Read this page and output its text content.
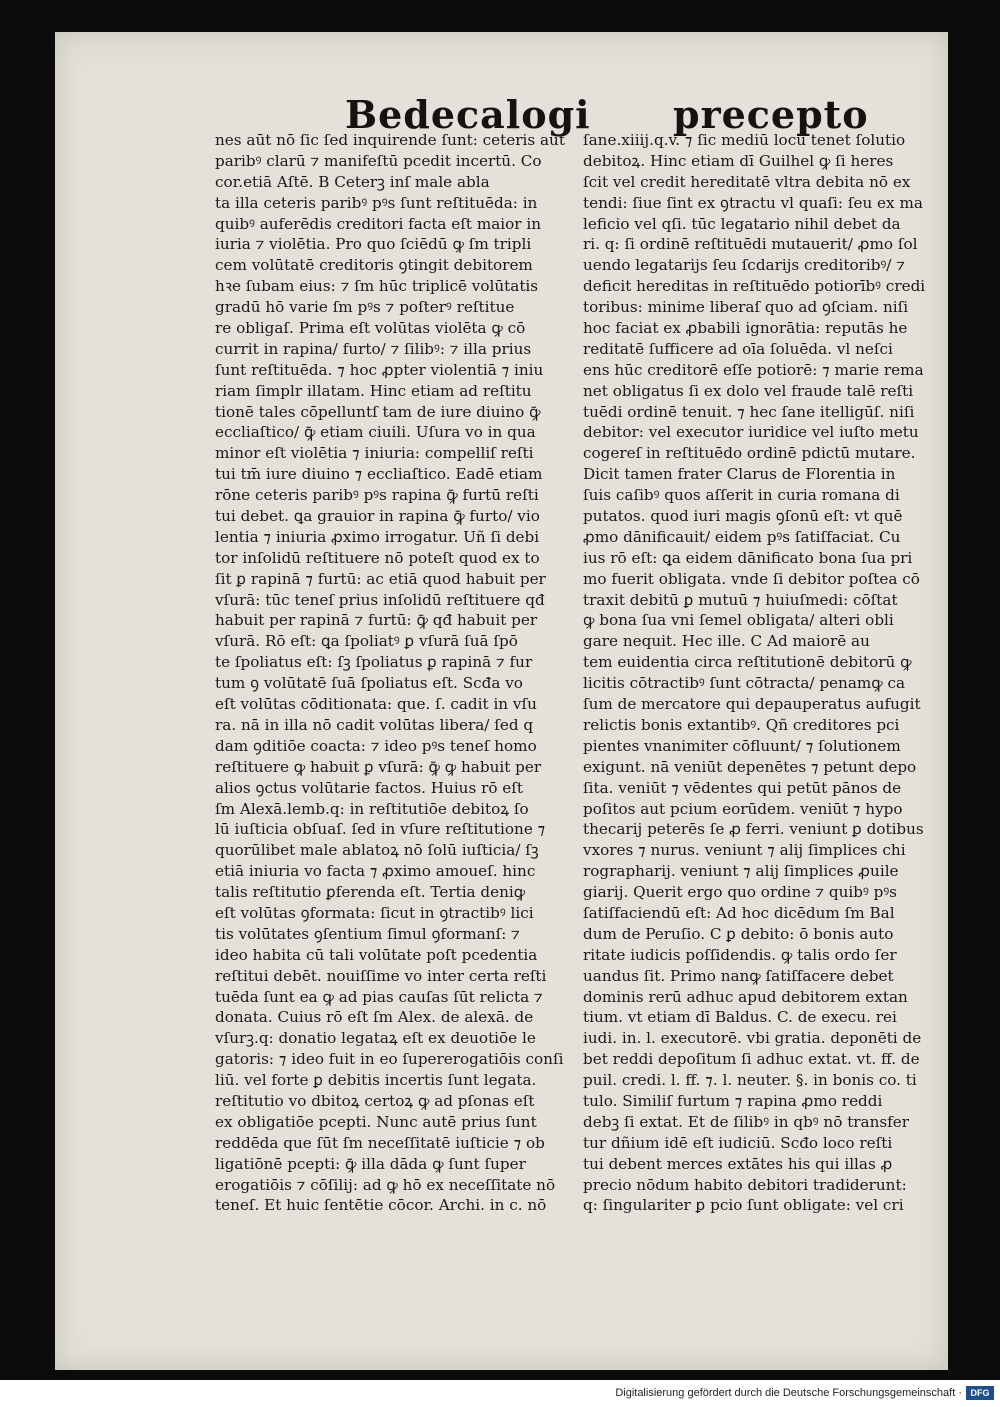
Bedecalogi precepto
nes aūt nō ſic ſed inquirende ſunt: ceteris aūt
paribꝰ clarū ⁊ manifeſtū pcedit incertū. Co
cor.etiā Aſtē. B Ceterꝫ inſ male abla
ta illa ceteris paribꝰ pꝰs ſunt reſtituēda: in
quibꝰ auferēdis creditori facta eſt maior in
iuria ⁊ violētia. Pro quo ſciēdū ꝙ ſm tripli
cem volūtatē creditoris ꝯtingit debitorem
hꝛe ſubam eius: ⁊ ſm hūc triplicē volūtatis
gradū hō varie ſm pꝰs ⁊ poſterꝰ reſtitue
re obligaſ. Prima eſt volūtas violēta ꝙ cō
currit in rapina/ furto/ ⁊ ſilibꝰ: ⁊ illa prius
ſunt reſtituēda. ⁊ hoc ꝓpter violentiā ⁊ iniu
riam ſimplr illatam. Hinc etiam ad reſtitu
tionē tales cōpelluntſ tam de iure diuino ꝙ̄
eccliaſtico/ ꝙ̄ etiam ciuili. Uſura vo in qua
minor eſt violētia ⁊ iniuria: compelliſ reſti
tui tm̄ iure diuino ⁊ eccliaſtico. Eadē etiam
rōne ceteris paribꝰ pꝰs rapina ꝙ̄ furtū reſti
tui debet. ꝗa grauior in rapina ꝙ̄ furto/ vio
lentia ⁊ iniuria ꝓximo irrogatur. Uñ ſi debi
tor inſolidū reſtituere nō poteſt quod ex to
ſit ꝑ rapinā ⁊ furtū: ac etiā quod habuit per
vſurā: tūc teneſ prius inſolidū reſtituere qđ
habuit per rapinā ⁊ furtū: ꝙ̄ qđ habuit per
vſurā. Rō eſt: ꝗa ſpoliatꝰ ꝑ vſurā ſuā ſpō
te ſpoliatus eſt: ſꝫ ſpoliatus ꝑ rapinā ⁊ fur
tum ꝯ volūtatē ſuā ſpoliatus eſt. Scđa vo
eſt volūtas cōditionata: que. ſ. cadit in vſu
ra. nā in illa nō cadit volūtas libera/ ſed q
dam ꝯditiōe coacta: ⁊ ideo pꝰs teneſ homo
reſtituere ꝙ habuit ꝑ vſurā: ꝙ̄ ꝙ habuit per
alios ꝯctus volūtarie factos. Huius rō eſt
ſm Alexā.lemb.q: in reſtitutiōe debitoꝝ ſo
lū iuſticia obſuaſ. ſed in vſure reſtitutione ⁊
quorūlibet male ablatoꝝ nō ſolū iuſticia/ ſꝫ
etiā iniuria vo facta ⁊ ꝓximo amoueſ. hinc
talis reſtitutio ꝑferenda eſt. Tertia deniꝙ
eſt volūtas ꝯformata: ſicut in ꝯtractibꝰ lici
tis volūtates ꝯſentium ſimul ꝯformanſ: ⁊
ideo habita cū tali volūtate poſt pcedentia
reſtitui debēt. nouiſſime vo inter certa reſti
tuēda ſunt ea ꝙ ad pias cauſas ſūt relicta ⁊
donata. Cuius rō eſt ſm Alex. de alexā. de
vſurꝫ.q: donatio legataꝝ eſt ex deuotiōe le
gatoris: ⁊ ideo fuit in eo ſupererogatiōis conſi
liū. vel forte ꝑ debitis incertis ſunt legata.
reſtitutio vo dbitoꝝ certoꝝ ꝙ ad pſonas eſt
ex obligatiōe pcepti. Nunc autē prius ſunt
reddēda que ſūt ſm neceſſitatē iuſticie ⁊ ob
ligatiōnē pcepti: ꝙ̄ illa dāda ꝙ ſunt ſuper
erogatiōis ⁊ cōſilij: ad ꝙ hō ex neceſſitate nō
teneſ. Et huic ſentētie cōcor. Archi. in c. nō
ſane.xiiij.q.v. ⁊ ſic mediū locū tenet ſolutio
debitoꝝ. Hinc etiam dī Guilhel ꝙ ſi heres
ſcit vel credit hereditatē vltra debita nō ex
tendi: ſiue ſint ex ꝯtractu vl quaſi: ſeu ex ma
leficio vel qſi. tūc legatario nihil debet da
ri. q: ſi ordinē reſtituēdi mutauerit/ ꝓmo ſol
uendo legatarijs ſeu ſcdarijs creditoribꝰ/ ⁊
deficit hereditas in reſtituēdo potiorībꝰ credi
toribus: minime liberaſ quo ad ꝯſciam. niſi
hoc faciat ex ꝓbabili ignorātia: reputās he
reditatē ſufficere ad oīa ſoluēda. vl neſci
ens hūc creditorē eſſe potiorē: ⁊ marie rema
net obligatus ſi ex dolo vel fraude talē reſti
tuēdi ordinē tenuit. ⁊ hec ſane itelligūſ. niſi
debitor: vel executor iuridice vel iuſto metu
cogereſ in reſtituēdo ordinē pdictū mutare.
Dicit tamen frater Clarus de Florentia in
ſuis caſibꝰ quos aſſerit in curia romana di
putatos. quod iuri magis ꝯſonū eſt: vt quē
ꝓmo dānificauit/ eidem pꝰs ſatiſfaciat. Cu
ius rō eſt: ꝗa eidem dānificato bona ſua pri
mo fuerit obligata. vnde ſi debitor poſtea cō
traxit debitū ꝑ mutuū ⁊ huiuſmedi: cōſtat
ꝙ bona ſua vni ſemel obligata/ alteri obli
gare nequit. Hec ille. C Ad maiorē au
tem euidentia circa reſtitutionē debitorū ꝙ
licitis cōtractibꝰ ſunt cōtracta/ penamꝙ ca
ſum de mercatore qui depauperatus aufugit
relictis bonis extantibꝰ. Qñ creditores pci
pientes vnanimiter cōfluunt/ ⁊ ſolutionem
exigunt. nā veniūt depenētes ⁊ petunt depo
ſita. veniūt ⁊ vēdentes qui petūt pānos de
poſitos aut pcium eorūdem. veniūt ⁊ hypo
thecarij peterēs ſe ꝓ ferri. veniunt ꝑ dotibus
vxores ⁊ nurus. veniunt ⁊ alij ſimplices chi
rographarij. veniunt ⁊ alij ſimplices ꝓuile
giarij. Querit ergo quo ordine ⁊ quibꝰ pꝰs
ſatiſfaciendū eſt: Ad hoc dicēdum ſm Bal
dum de Peruſio. C ꝑ debito: ō bonis auto
ritate iudicis poſſidendis. ꝙ talis ordo ſer
uandus ſit. Primo nanꝙ ſatiſfacere debet
dominis rerū adhuc apud debitorem extan
tium. vt etiam dī Baldus. C. de execu. rei
iudi. in. l. executorē. vbi gratia. deponēti de
bet reddi depoſitum ſi adhuc extat. vt. ff. de
puil. credi. l. ff. ⁊. l. neuter. §. in bonis co. ti
tulo. Similiſ furtum ⁊ rapina ꝓmo reddi
debꝫ ſi extat. Et de ſilibꝰ in qbꝰ nō transfer
tur dñium idē eſt iudiciū. Scđo loco reſti
tui debent merces extātes his qui illas ꝓ
precio nōdum habito debitori tradiderunt:
q: ſingulariter ꝑ pcio ſunt obligate: vel cri
Digitalisierung gefördert durch die Deutsche Forschungsgemeinschaft · DFG
